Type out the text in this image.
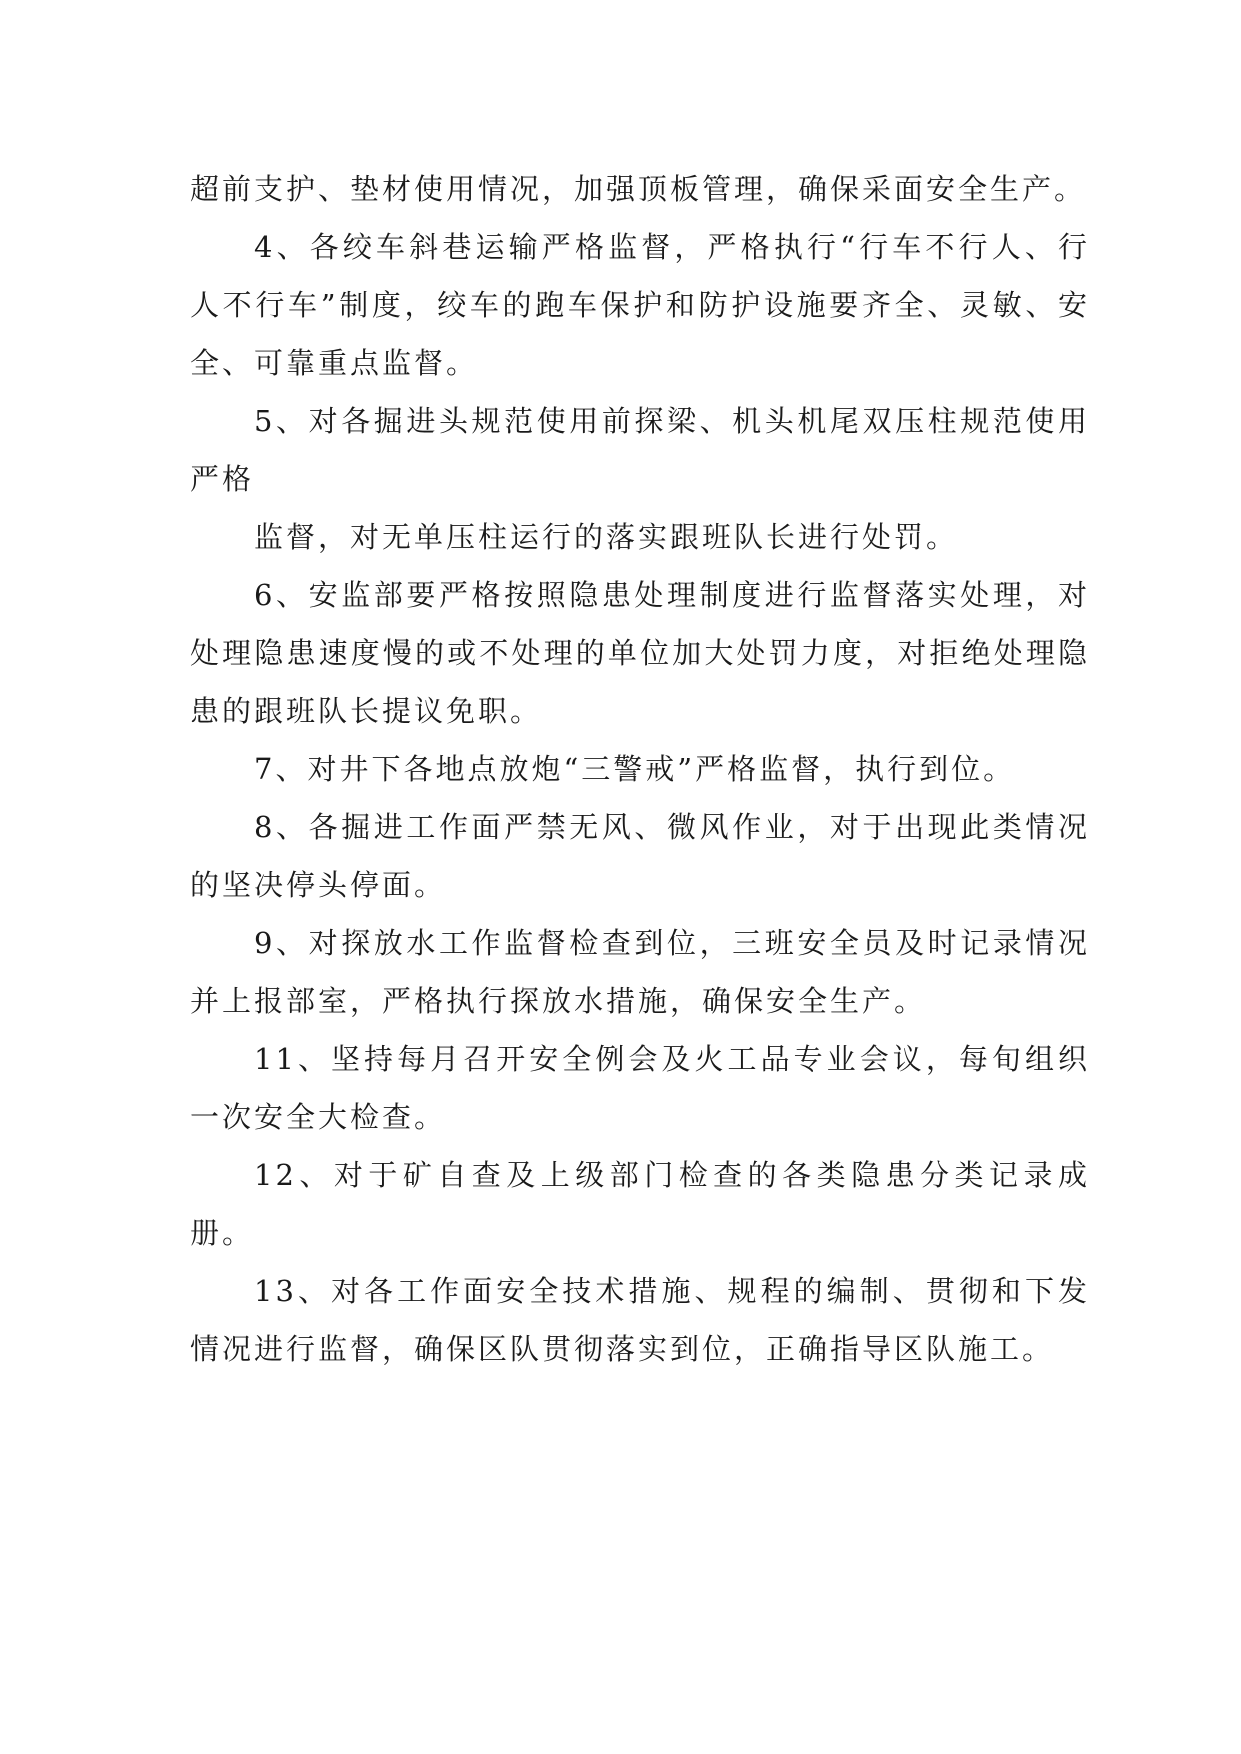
超前支护、垫材使用情况，加强顶板管理，确保采面安全生产。

4、各绞车斜巷运输严格监督，严格执行“行车不行人、行人不行车”制度，绞车的跑车保护和防护设施要齐全、灵敏、安全、可靠重点监督。

5、对各掘进头规范使用前探梁、机头机尾双压柱规范使用严格

监督，对无单压柱运行的落实跟班队长进行处罚。

6、安监部要严格按照隐患处理制度进行监督落实处理，对处理隐患速度慢的或不处理的单位加大处罚力度，对拒绝处理隐患的跟班队长提议免职。

7、对井下各地点放炮“三警戒”严格监督，执行到位。

8、各掘进工作面严禁无风、微风作业，对于出现此类情况的坚决停头停面。

9、对探放水工作监督检查到位，三班安全员及时记录情况并上报部室，严格执行探放水措施，确保安全生产。

11、坚持每月召开安全例会及火工品专业会议，每旬组织一次安全大检查。

12、对于矿自查及上级部门检查的各类隐患分类记录成册。

13、对各工作面安全技术措施、规程的编制、贯彻和下发情况进行监督，确保区队贯彻落实到位，正确指导区队施工。
